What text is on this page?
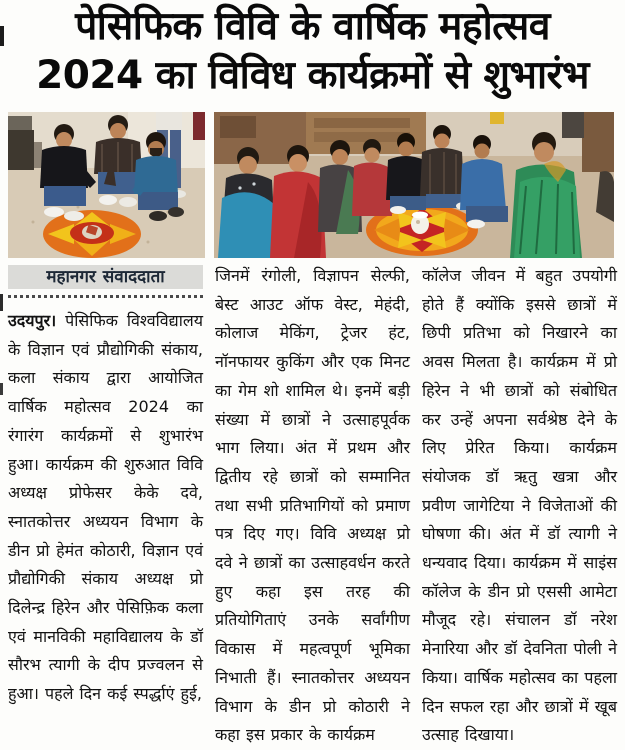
पेसिफिक विवि के वार्षिक महोत्सव
2024 का विविध कार्यक्रमों से शुभारंभ
महानगर संवाददाता
उदयपुर। पेसिफिक विश्वविद्यालय के विज्ञान एवं प्रौद्योगिकी संकाय, कला संकाय द्वारा आयोजित वार्षिक महोत्सव 2024 का रंगारंग कार्यक्रमों से शुभारंभ हुआ। कार्यक्रम की शुरुआत विवि अध्यक्ष प्रोफेसर केके दवे, स्नातकोत्तर अध्ययन विभाग के डीन प्रो हेमंत कोठारी, विज्ञान एवं प्रौद्योगिकी संकाय अध्यक्ष प्रो दिलेन्द्र हिरेन और पेसिफ़िक कला एवं मानविकी महाविद्यालय के डॉ सौरभ त्यागी के दीप प्रज्वलन से हुआ। पहले दिन कई स्पर्द्धाएं हुई,
जिनमें रंगोली, विज्ञापन सेल्फी, बेस्ट आउट ऑफ वेस्ट, मेहंदी, कोलाज मेकिंग, ट्रेजर हंट, नॉनफायर कुकिंग और एक मिनट का गेम शो शामिल थे। इनमें बड़ी संख्या में छात्रों ने उत्साहपूर्वक भाग लिया। अंत में प्रथम और द्वितीय रहे छात्रों को सम्मानित तथा सभी प्रतिभागियों को प्रमाण पत्र दिए गए। विवि अध्यक्ष प्रो दवे ने छात्रों का उत्साहवर्धन करते हुए कहा इस तरह की प्रतियोगिताएं उनके सर्वांगीण विकास में महत्वपूर्ण भूमिका निभाती हैं। स्नातकोत्तर अध्ययन विभाग के डीन प्रो कोठारी ने कहा इस प्रकार के कार्यक्रम
कॉलेज जीवन में बहुत उपयोगी होते हैं क्योंकि इससे छात्रों में छिपी प्रतिभा को निखारने का अवस मिलता है। कार्यक्रम में प्रो हिरेन ने भी छात्रों को संबोधित कर उन्हें अपना सर्वश्रेष्ठ देने के लिए प्रेरित किया। कार्यक्रम संयोजक डॉ ऋतु खत्रा और प्रवीण जागेटिया ने विजेताओं की घोषणा की। अंत में डॉ त्यागी ने धन्यवाद दिया। कार्यक्रम में साइंस कॉलेज के डीन प्रो एससी आमेटा मौजूद रहे। संचालन डॉ नरेश मेनारिया और डॉ देवनिता पोली ने किया। वार्षिक महोत्सव का पहला दिन सफल रहा और छात्रों में खूब उत्साह दिखाया।
